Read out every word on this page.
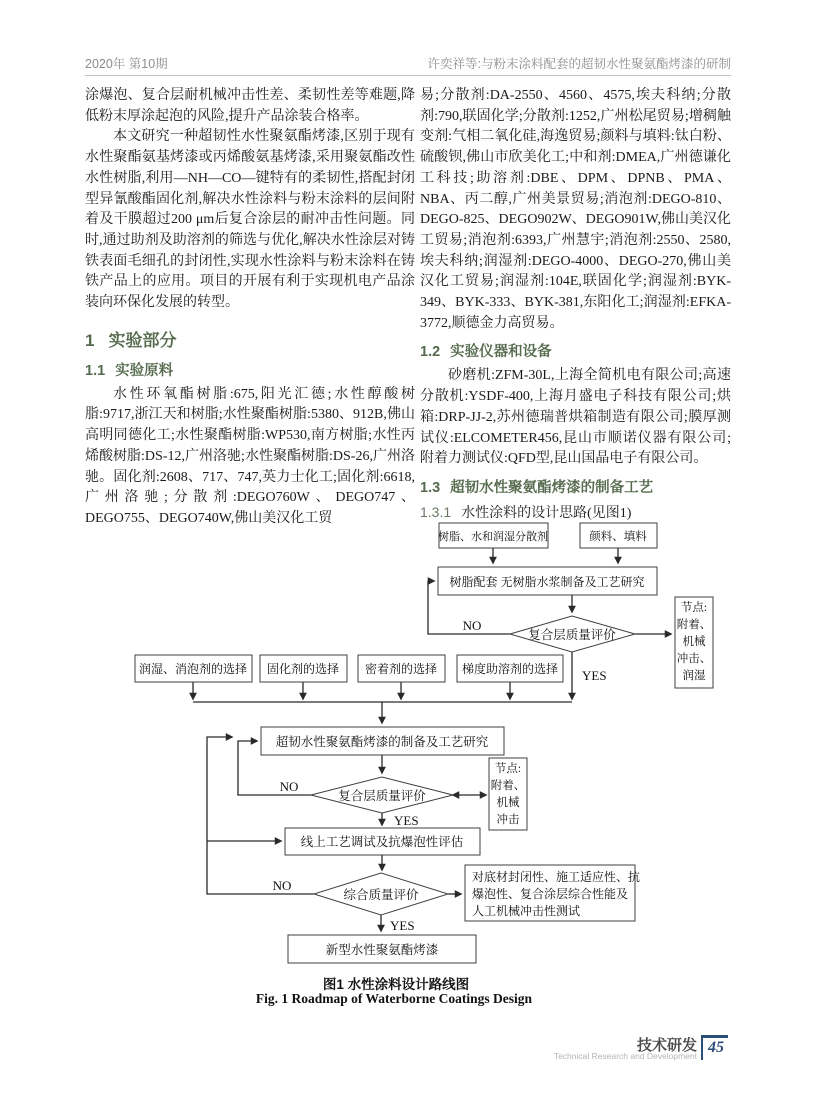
2020年 第10期	许奕祥等:与粉末涂料配套的超韧水性聚氨酯烤漆的研制

涂爆泡、复合层耐机械冲击性差、柔韧性差等难题,降低粉末厚涂起泡的风险,提升产品涂装合格率。

本文研究一种超韧性水性聚氨酯烤漆,区别于现有水性聚酯氨基烤漆或丙烯酸氨基烤漆,采用聚氨酯改性水性树脂,利用—NH—CO—键特有的柔韧性,搭配封闭型异氰酸酯固化剂,解决水性涂料与粉末涂料的层间附着及干膜超过200 μm后复合涂层的耐冲击性问题。同时,通过助剂及助溶剂的筛选与优化,解决水性涂层对铸铁表面毛细孔的封闭性,实现水性涂料与粉末涂料在铸铁产品上的应用。项目的开展有利于实现机电产品涂装向环保化发展的转型。

1 实验部分
1.1 实验原料

水性环氧酯树脂:675,阳光汇德;水性醇酸树脂:9717,浙江天和树脂;水性聚酯树脂:5380、912B,佛山高明同德化工;水性聚酯树脂:WP530,南方树脂;水性丙烯酸树脂:DS-12,广州洛驰;水性聚酯树脂:DS-26,广州洛驰。固化剂:2608、717、747,英力士化工;固化剂:6618,广州洛驰;分散剂:DEGO760W、DEGO747、DEGO755、DEGO740W,佛山美汉化工贸

易;分散剂:DA-2550、4560、4575,埃夫科纳;分散剂:790,联固化学;分散剂:1252,广州松尾贸易;增稠触变剂:气相二氧化硅,海逸贸易;颜料与填料:钛白粉、硫酸钡,佛山市欣美化工;中和剂:DMEA,广州德谦化工科技;助溶剂:DBE、DPM、DPNB、PMA、NBA、丙二醇,广州美景贸易;消泡剂:DEGO-810、DEGO-825、DEGO902W、DEGO901W,佛山美汉化工贸易;消泡剂:6393,广州慧宇;消泡剂:2550、2580,埃夫科纳;润湿剂:DEGO-4000、DEGO-270,佛山美汉化工贸易;润湿剂:104E,联固化学;润湿剂:BYK-349、BYK-333、BYK-381,东阳化工;润湿剂:EFKA-3772,顺德金力高贸易。

1.2 实验仪器和设备

砂磨机:ZFM-30L,上海全简机电有限公司;高速分散机:YSDF-400,上海月盛电子科技有限公司;烘箱:DRP-JJ-2,苏州德瑞普烘箱制造有限公司;膜厚测试仪:ELCOMETER456,昆山市顺诺仪器有限公司;附着力测试仪:QFD型,昆山国晶电子有限公司。

1.3 超韧水性聚氨酯烤漆的制备工艺
1.3.1 水性涂料的设计思路(见图1)
树脂、水和润湿分散剂	颜料、填料
树脂配套 无树脂水浆制备及工艺研究
复合层质量评价
节点:
附着、
机械
冲击、
润湿
润湿、消泡剂的选择 固化剂的选择 密着剂的选择 梯度助溶剂的选择
超韧水性聚氨酯烤漆的制备及工艺研究
复合层质量评价
节点:
附着、
机械
冲击
线上工艺调试及抗爆泡性评估
综合质量评价
对底材封闭性、施工适应性、抗
爆泡性、复合涂层综合性能及
人工机械冲击性测试
新型水性聚氨酯烤漆
NO
YES
NO
YES
NO
YES
图1 水性涂料设计路线图
Fig. 1 Roadmap of Waterborne Coatings Design
技术研发
Technical Research and Development 45
